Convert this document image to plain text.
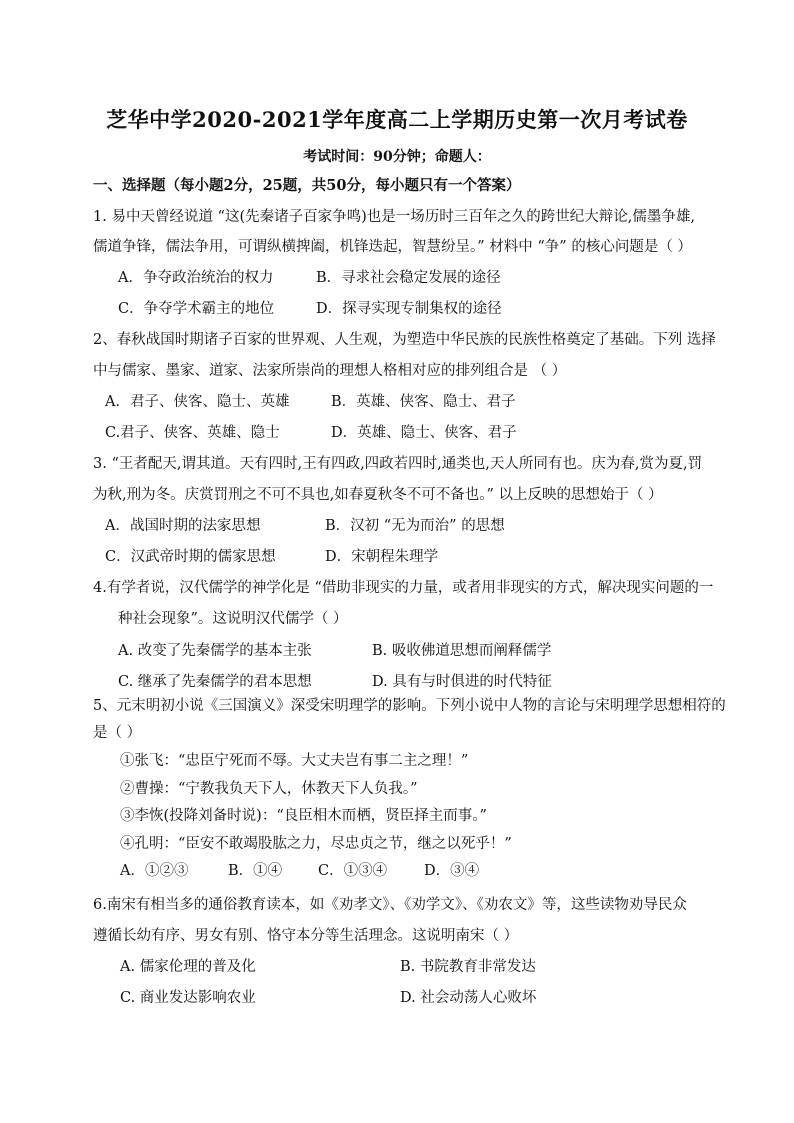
芝华中学2020-2021学年度高二上学期历史第一次月考试卷
考试时间：90分钟；命题人：
一、选择题（每小题2分，25题，共50分，每小题只有一个答案）
1. 易中天曾经说道 “这(先秦诸子百家争鸣)也是一场历时三百年之久的跨世纪大辩论,儒墨争雄,
儒道争锋，儒法争用，可谓纵横捭阖，机锋迭起，智慧纷呈。” 材料中 “争” 的核心问题是（ ）
A．争夺政治统治的权力	B．寻求社会稳定发展的途径
C．争夺学术霸主的地位	D．探寻实现专制集权的途径
2、春秋战国时期诸子百家的世界观、人生观，为塑造中华民族的民族性格奠定了基础。下列 选择
中与儒家、墨家、道家、法家所崇尚的理想人格相对应的排列组合是 （ ）
A．君子、侠客、隐士、英雄	B．英雄、侠客、隐士、君子
C.君子、侠客、英雄、隐士	D．英雄、隐士、侠客、君子
3. “王者配天,谓其道。天有四时,王有四政,四政若四时,通类也,天人所同有也。庆为春,赏为夏,罚
为秋,刑为冬。庆赏罚刑之不可不具也,如春夏秋冬不可不备也。” 以上反映的思想始于（ ）
A．战国时期的法家思想	B．汉初 “无为而治” 的思想
C．汉武帝时期的儒家思想	D．宋朝程朱理学
4.有学者说，汉代儒学的神学化是 “借助非现实的力量，或者用非现实的方式，解决现实问题的一
种社会现象”。这说明汉代儒学（ ）
A. 改变了先秦儒学的基本主张	B. 吸收佛道思想而阐释儒学
C. 继承了先秦儒学的君本思想	D. 具有与时俱进的时代特征
5、元末明初小说《三国演义》深受宋明理学的影响。下列小说中人物的言论与宋明理学思想相符的
是（ ）
①张飞：“忠臣宁死而不辱。大丈夫岂有事二主之理！”
②曹操：“宁教我负天下人，休教天下人负我。”
③李恢(投降刘备时说)：“良臣相木而栖，贤臣择主而事。”
④孔明：“臣安不敢竭股肱之力，尽忠贞之节，继之以死乎！”
A．①②③	B．①④ C．①③④	D．③④
6.南宋有相当多的通俗教育读本，如《劝孝文》、《劝学文》、《劝农文》等，这些读物劝导民众
遵循长幼有序、男女有别、恪守本分等生活理念。这说明南宋（ ）
A. 儒家伦理的普及化	B. 书院教育非常发达
C. 商业发达影响农业	D. 社会动荡人心败坏
